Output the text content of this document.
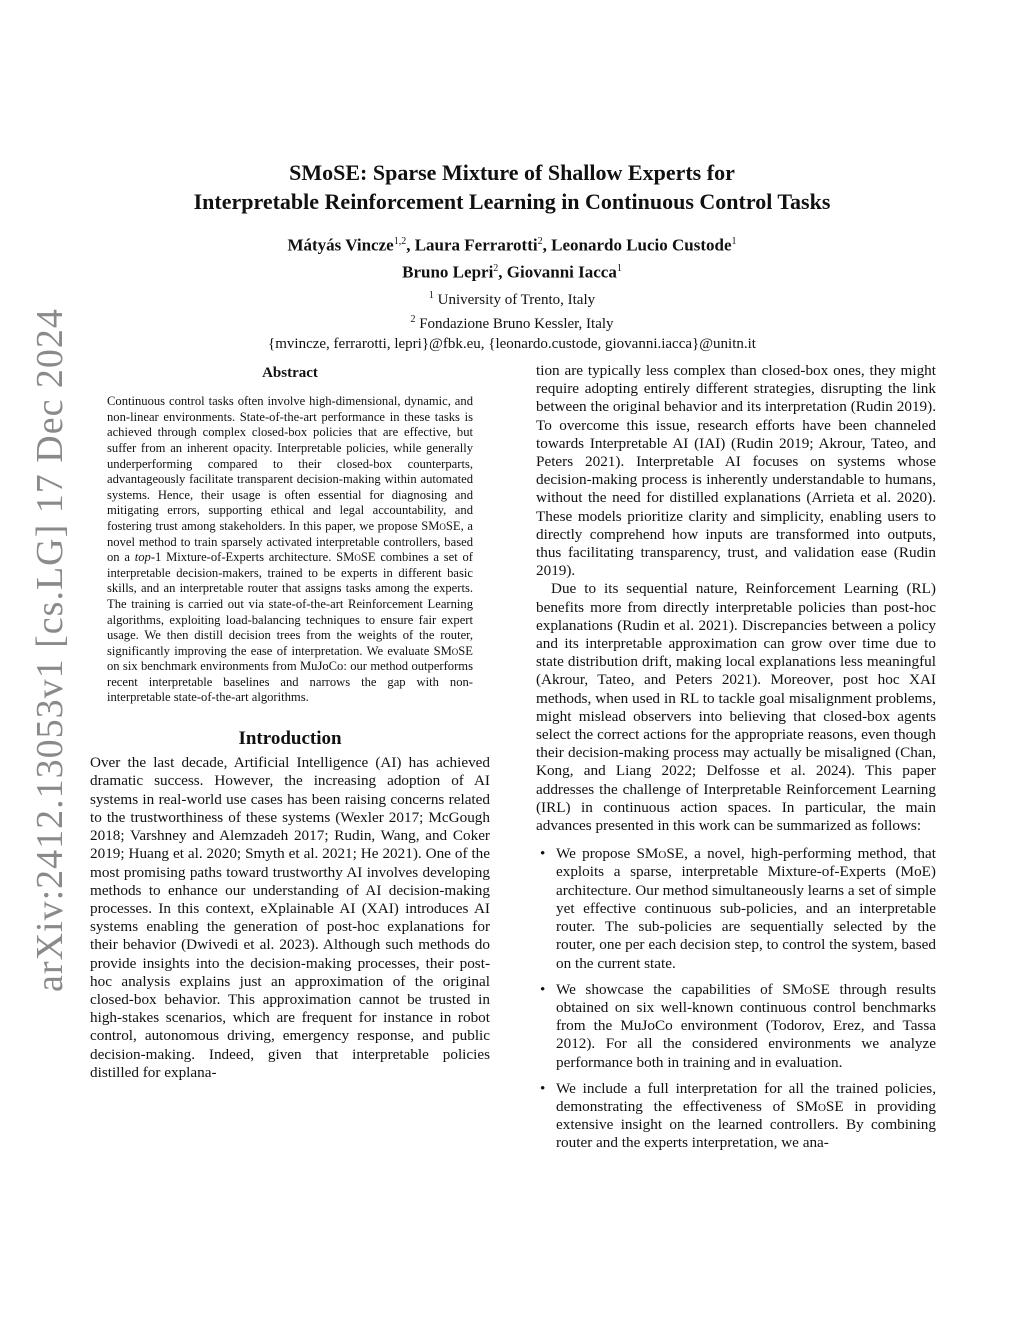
arXiv:2412.13053v1 [cs.LG] 17 Dec 2024
SMoSE: Sparse Mixture of Shallow Experts for
Interpretable Reinforcement Learning in Continuous Control Tasks
Mátyás Vincze$^{1,2}$, Laura Ferrarotti$^2$, Leonardo Lucio Custode$^1$
Bruno Lepri$^2$, Giovanni Iacca$^1$
$^1$ University of Trento, Italy
$^2$ Fondazione Bruno Kessler, Italy
{mvincze, ferrarotti, lepri}@fbk.eu, {leonardo.custode, giovanni.iacca}@unitn.it
Abstract

Continuous control tasks often involve high-dimensional, dynamic, and non-linear environments. State-of-the-art performance in these tasks is achieved through complex closed-box policies that are effective, but suffer from an inherent opacity. Interpretable policies, while generally underperforming compared to their closed-box counterparts, advantageously facilitate transparent decision-making within automated systems. Hence, their usage is often essential for diagnosing and mitigating errors, supporting ethical and legal accountability, and fostering trust among stakeholders. In this paper, we propose SMoSE, a novel method to train sparsely activated interpretable controllers, based on a top-1 Mixture-of-Experts architecture. SMoSE combines a set of interpretable decision-makers, trained to be experts in different basic skills, and an interpretable router that assigns tasks among the experts. The training is carried out via state-of-the-art Reinforcement Learning algorithms, exploiting load-balancing techniques to ensure fair expert usage. We then distill decision trees from the weights of the router, significantly improving the ease of interpretation. We evaluate SMoSE on six benchmark environments from MuJoCo: our method outperforms recent interpretable baselines and narrows the gap with non-interpretable state-of-the-art algorithms.

Introduction

Over the last decade, Artificial Intelligence (AI) has achieved dramatic success. However, the increasing adoption of AI systems in real-world use cases has been raising concerns related to the trustworthiness of these systems (Wexler 2017; McGough 2018; Varshney and Alemzadeh 2017; Rudin, Wang, and Coker 2019; Huang et al. 2020; Smyth et al. 2021; He 2021). One of the most promising paths toward trustworthy AI involves developing methods to enhance our understanding of AI decision-making processes. In this context, eXplainable AI (XAI) introduces AI systems enabling the generation of post-hoc explanations for their behavior (Dwivedi et al. 2023). Although such methods do provide insights into the decision-making processes, their post-hoc analysis explains just an approximation of the original closed-box behavior. This approximation cannot be trusted in high-stakes scenarios, which are frequent for instance in robot control, autonomous driving, emergency response, and public decision-making. Indeed, given that interpretable policies distilled for explana-

tion are typically less complex than closed-box ones, they might require adopting entirely different strategies, disrupting the link between the original behavior and its interpretation (Rudin 2019). To overcome this issue, research efforts have been channeled towards Interpretable AI (IAI) (Rudin 2019; Akrour, Tateo, and Peters 2021). Interpretable AI focuses on systems whose decision-making process is inherently understandable to humans, without the need for distilled explanations (Arrieta et al. 2020). These models prioritize clarity and simplicity, enabling users to directly comprehend how inputs are transformed into outputs, thus facilitating transparency, trust, and validation ease (Rudin 2019).

Due to its sequential nature, Reinforcement Learning (RL) benefits more from directly interpretable policies than post-hoc explanations (Rudin et al. 2021). Discrepancies between a policy and its interpretable approximation can grow over time due to state distribution drift, making local explanations less meaningful (Akrour, Tateo, and Peters 2021). Moreover, post hoc XAI methods, when used in RL to tackle goal misalignment problems, might mislead observers into believing that closed-box agents select the correct actions for the appropriate reasons, even though their decision-making process may actually be misaligned (Chan, Kong, and Liang 2022; Delfosse et al. 2024). This paper addresses the challenge of Interpretable Reinforcement Learning (IRL) in continuous action spaces. In particular, the main advances presented in this work can be summarized as follows:

• We propose SMoSE, a novel, high-performing method, that exploits a sparse, interpretable Mixture-of-Experts (MoE) architecture. Our method simultaneously learns a set of simple yet effective continuous sub-policies, and an interpretable router. The sub-policies are sequentially selected by the router, one per each decision step, to control the system, based on the current state.
• We showcase the capabilities of SMoSE through results obtained on six well-known continuous control benchmarks from the MuJoCo environment (Todorov, Erez, and Tassa 2012). For all the considered environments we analyze performance both in training and in evaluation.
• We include a full interpretation for all the trained policies, demonstrating the effectiveness of SMoSE in providing extensive insight on the learned controllers. By combining router and the experts interpretation, we ana-
